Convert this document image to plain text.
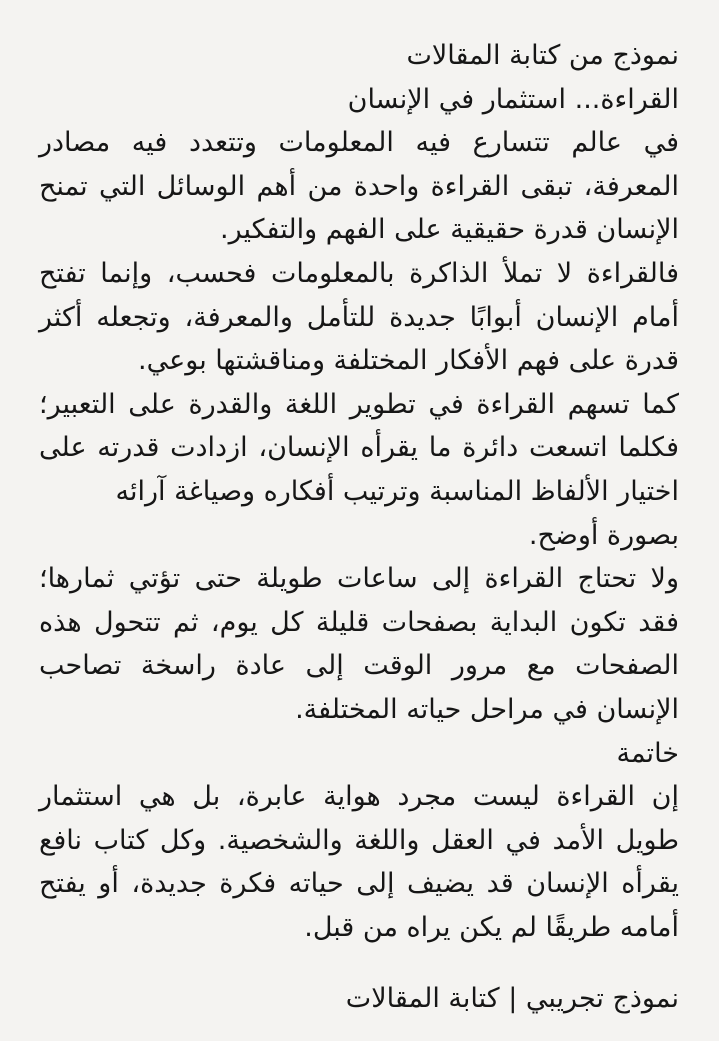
نموذج من كتابة المقالات
القراءة... استثمار في الإنسان
في عالم تتسارع فيه المعلومات وتتعدد فيه مصادر
المعرفة، تبقى القراءة واحدة من أهم الوسائل التي تمنح
الإنسان قدرة حقيقية على الفهم والتفكير.
فالقراءة لا تملأ الذاكرة بالمعلومات فحسب، وإنما تفتح
أمام الإنسان أبوابًا جديدة للتأمل والمعرفة، وتجعله أكثر
قدرة على فهم الأفكار المختلفة ومناقشتها بوعي.
كما تسهم القراءة في تطوير اللغة والقدرة على التعبير؛
فكلما اتسعت دائرة ما يقرأه الإنسان، ازدادت قدرته على
اختيار الألفاظ المناسبة وترتيب أفكاره وصياغة آرائه
بصورة أوضح.
ولا تحتاج القراءة إلى ساعات طويلة حتى تؤتي ثمارها؛
فقد تكون البداية بصفحات قليلة كل يوم، ثم تتحول هذه
الصفحات مع مرور الوقت إلى عادة راسخة تصاحب
الإنسان في مراحل حياته المختلفة.
خاتمة
إن القراءة ليست مجرد هواية عابرة، بل هي استثمار
طويل الأمد في العقل واللغة والشخصية. وكل كتاب نافع
يقرأه الإنسان قد يضيف إلى حياته فكرة جديدة، أو يفتح
أمامه طريقًا لم يكن يراه من قبل.
نموذج تجريبي | كتابة المقالات
